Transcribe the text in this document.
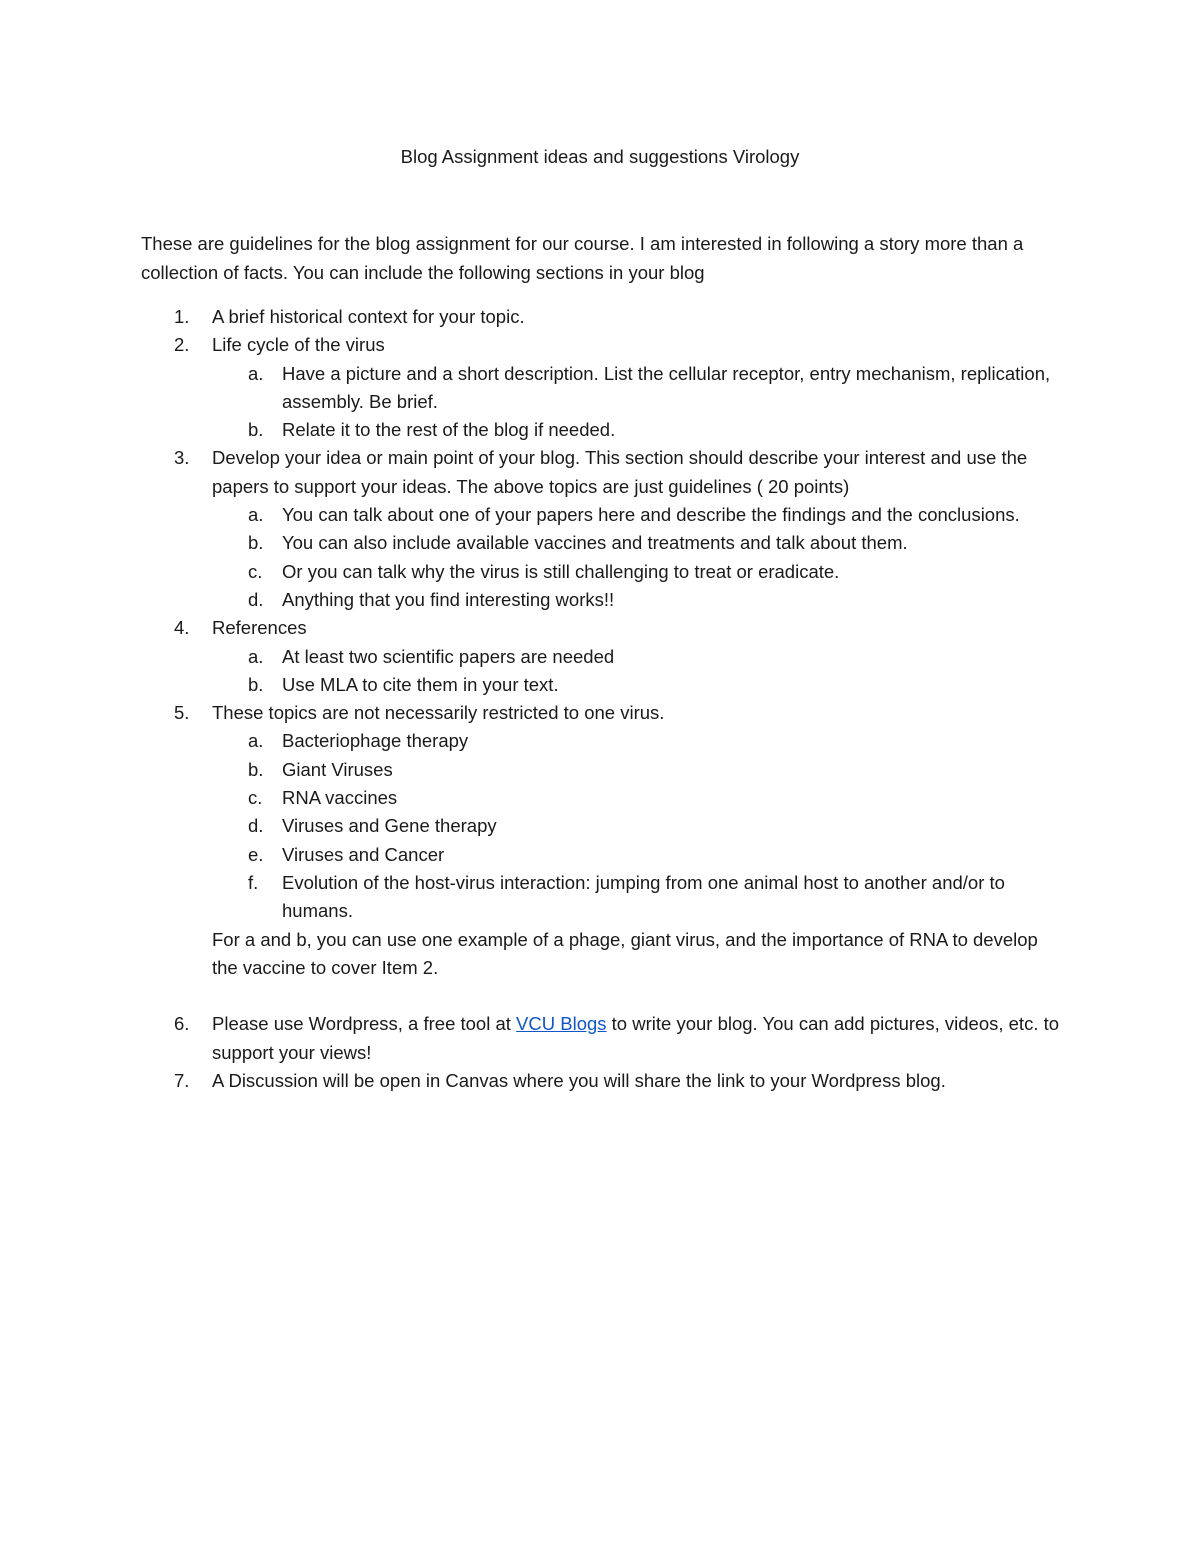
Blog Assignment ideas and suggestions Virology
These are guidelines for the blog assignment for our course. I am interested in following a story more than a collection of facts. You can include the following sections in your blog
1. A brief historical context for your topic.
2. Life cycle of the virus
a. Have a picture and a short description. List the cellular receptor, entry mechanism, replication, assembly. Be brief.
b. Relate it to the rest of the blog if needed.
3. Develop your idea or main point of your blog. This section should describe your interest and use the papers to support your ideas. The above topics are just guidelines ( 20 points)
a. You can talk about one of your papers here and describe the findings and the conclusions.
b. You can also include available vaccines and treatments and talk about them.
c. Or you can talk why the virus is still challenging to treat or eradicate.
d. Anything that you find interesting works!!
4. References
a. At least two scientific papers are needed
b. Use MLA to cite them in your text.
5. These topics are not necessarily restricted to one virus.
a. Bacteriophage therapy
b. Giant Viruses
c. RNA vaccines
d. Viruses and Gene therapy
e. Viruses and Cancer
f. Evolution of the host-virus interaction: jumping from one animal host to another and/or to humans.
For a and b, you can use one example of a phage, giant virus, and the importance of RNA to develop the vaccine to cover Item 2.
6. Please use Wordpress, a free tool at VCU Blogs to write your blog. You can add pictures, videos, etc. to support your views!
7. A Discussion will be open in Canvas where you will share the link to your Wordpress blog.
